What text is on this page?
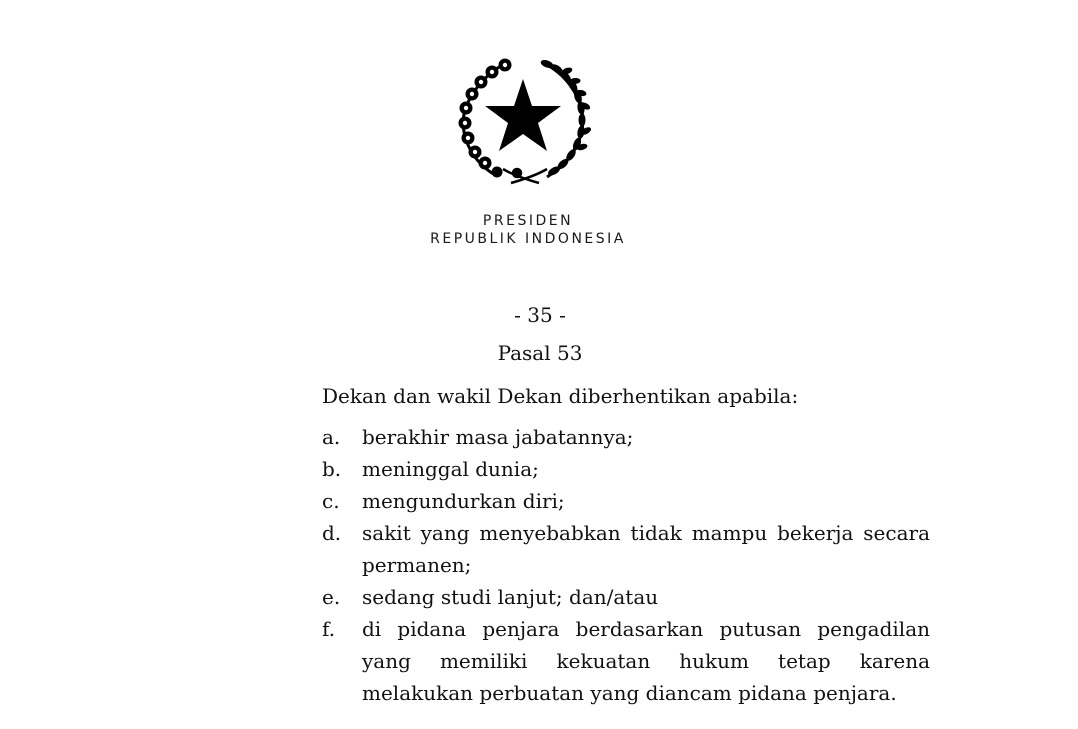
PRESIDEN
REPUBLIK INDONESIA
- 35 -
Pasal 53
Dekan dan wakil Dekan diberhentikan apabila:
a.	berakhir masa jabatannya;
b.	meninggal dunia;
c.	mengundurkan diri;
d.	sakit yang menyebabkan tidak mampu bekerja secara permanen;
e.	sedang studi lanjut; dan/atau
f.	di pidana penjara berdasarkan putusan pengadilan yang memiliki kekuatan hukum tetap karena melakukan perbuatan yang diancam pidana penjara.
